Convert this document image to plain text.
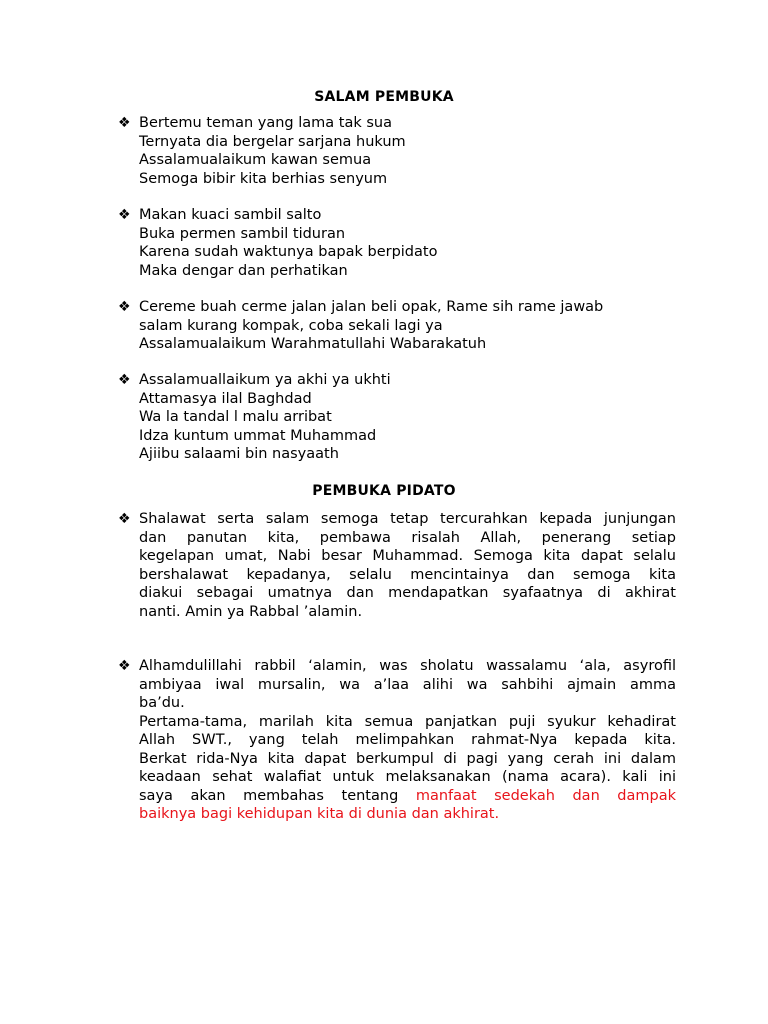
SALAM PEMBUKA
❖ Bertemu teman yang lama tak sua
Ternyata dia bergelar sarjana hukum
Assalamualaikum kawan semua
Semoga bibir kita berhias senyum
❖ Makan kuaci sambil salto
Buka permen sambil tiduran
Karena sudah waktunya bapak berpidato
Maka dengar dan perhatikan
❖ Cereme buah cerme jalan jalan beli opak, Rame sih rame jawab
salam kurang kompak, coba sekali lagi ya
Assalamualaikum Warahmatullahi Wabarakatuh
❖ Assalamuallaikum ya akhi ya ukhti
Attamasya ilal Baghdad
Wa la tandal l malu arribat
Idza kuntum ummat Muhammad
Ajiibu salaami bin nasyaath
PEMBUKA PIDATO
❖ Shalawat serta salam semoga tetap tercurahkan kepada junjungan
dan panutan kita, pembawa risalah Allah, penerang setiap
kegelapan umat, Nabi besar Muhammad. Semoga kita dapat selalu
bershalawat kepadanya, selalu mencintainya dan semoga kita
diakui sebagai umatnya dan mendapatkan syafaatnya di akhirat
nanti. Amin ya Rabbal ’alamin.
❖ Alhamdulillahi rabbil ‘alamin, was sholatu wassalamu ‘ala, asyrofil
ambiyaa iwal mursalin, wa a’laa alihi wa sahbihi ajmain amma
ba’du.
Pertama-tama, marilah kita semua panjatkan puji syukur kehadirat
Allah SWT., yang telah melimpahkan rahmat-Nya kepada kita.
Berkat rida-Nya kita dapat berkumpul di pagi yang cerah ini dalam
keadaan sehat walafiat untuk melaksanakan (nama acara). kali ini
saya akan membahas tentang manfaat sedekah dan dampak
baiknya bagi kehidupan kita di dunia dan akhirat.
